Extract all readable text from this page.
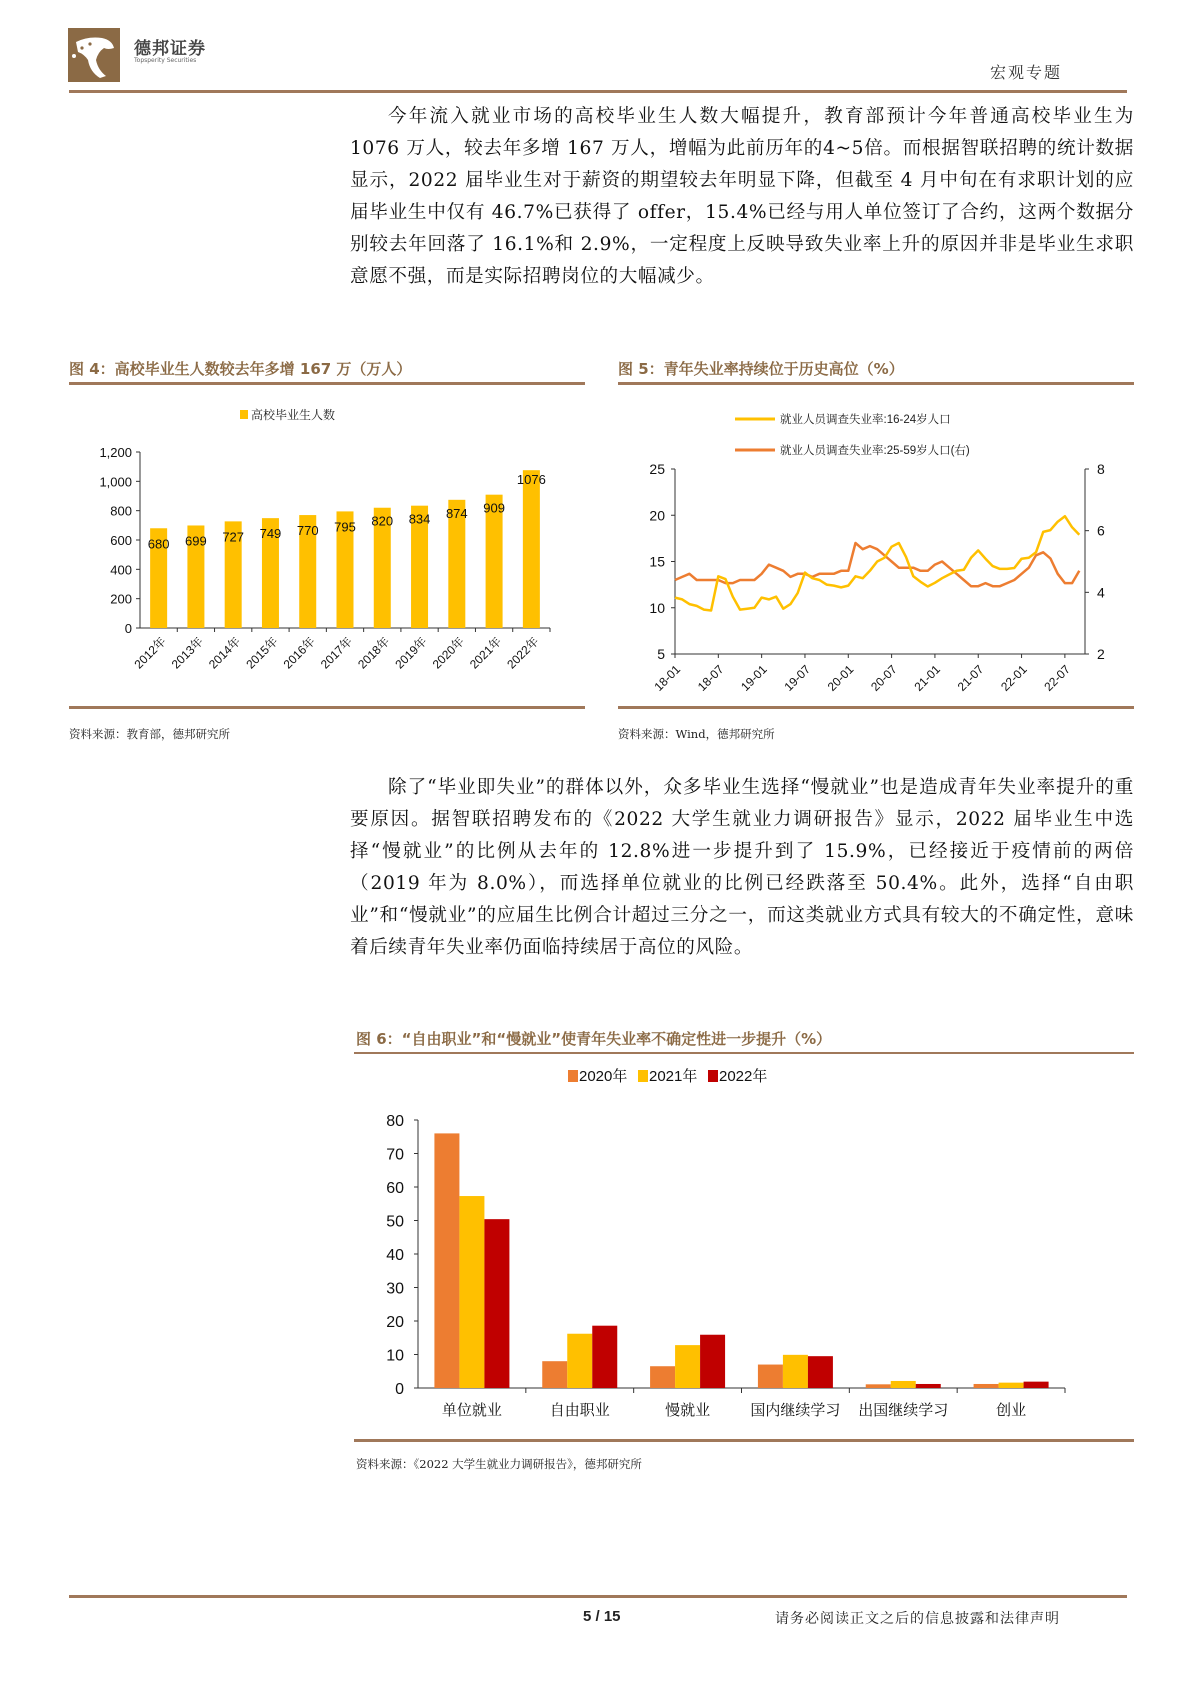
德邦证券
Topsperity Securities
宏观专题
今年流入就业市场的高校毕业生人数大幅提升，教育部预计今年普通高校毕业生为 1076 万人，较去年多增 167 万人，增幅为此前历年的4~5倍。而根据智联招聘的统计数据显示，2022 届毕业生对于薪资的期望较去年明显下降，但截至 4 月中旬在有求职计划的应届毕业生中仅有 46.7%已获得了 offer，15.4%已经与用人单位签订了合约，这两个数据分别较去年回落了 16.1%和 2.9%，一定程度上反映导致失业率上升的原因并非是毕业生求职意愿不强，而是实际招聘岗位的大幅减少。
图 4：高校毕业生人数较去年多增 167 万（万人）
高校毕业生人数
0
200
400
600
800
1,000
1,200
680
2012年
699
2013年
727
2014年
749
2015年
770
2016年
795
2017年
820
2018年
834
2019年
874
2020年
909
2021年
1076
2022年
资料来源：教育部，德邦研究所
图 5：青年失业率持续位于历史高位（%）
就业人员调查失业率:16-24岁人口
就业人员调查失业率:25-59岁人口(右)
5
10
15
20
25
2
4
6
8
18-01 18-07 19-01 19-07 20-01 20-07 21-01 21-07 22-01 22-07
资料来源：Wind，德邦研究所
除了“毕业即失业”的群体以外，众多毕业生选择“慢就业”也是造成青年失业率提升的重要原因。据智联招聘发布的《2022 大学生就业力调研报告》显示，2022 届毕业生中选择“慢就业”的比例从去年的 12.8%进一步提升到了 15.9%，已经接近于疫情前的两倍（2019 年为 8.0%），而选择单位就业的比例已经跌落至 50.4%。此外，选择“自由职业”和“慢就业”的应届生比例合计超过三分之一，而这类就业方式具有较大的不确定性，意味着后续青年失业率仍面临持续居于高位的风险。
图 6：“自由职业”和“慢就业”使青年失业率不确定性进一步提升（%）
2020年 2021年 2022年
0
10
20
30
40
50
60
70
80
单位就业	自由职业	慢就业	国内继续学习 出国继续学习	创业
资料来源：《2022 大学生就业力调研报告》，德邦研究所
5 / 15	请务必阅读正文之后的信息披露和法律声明
